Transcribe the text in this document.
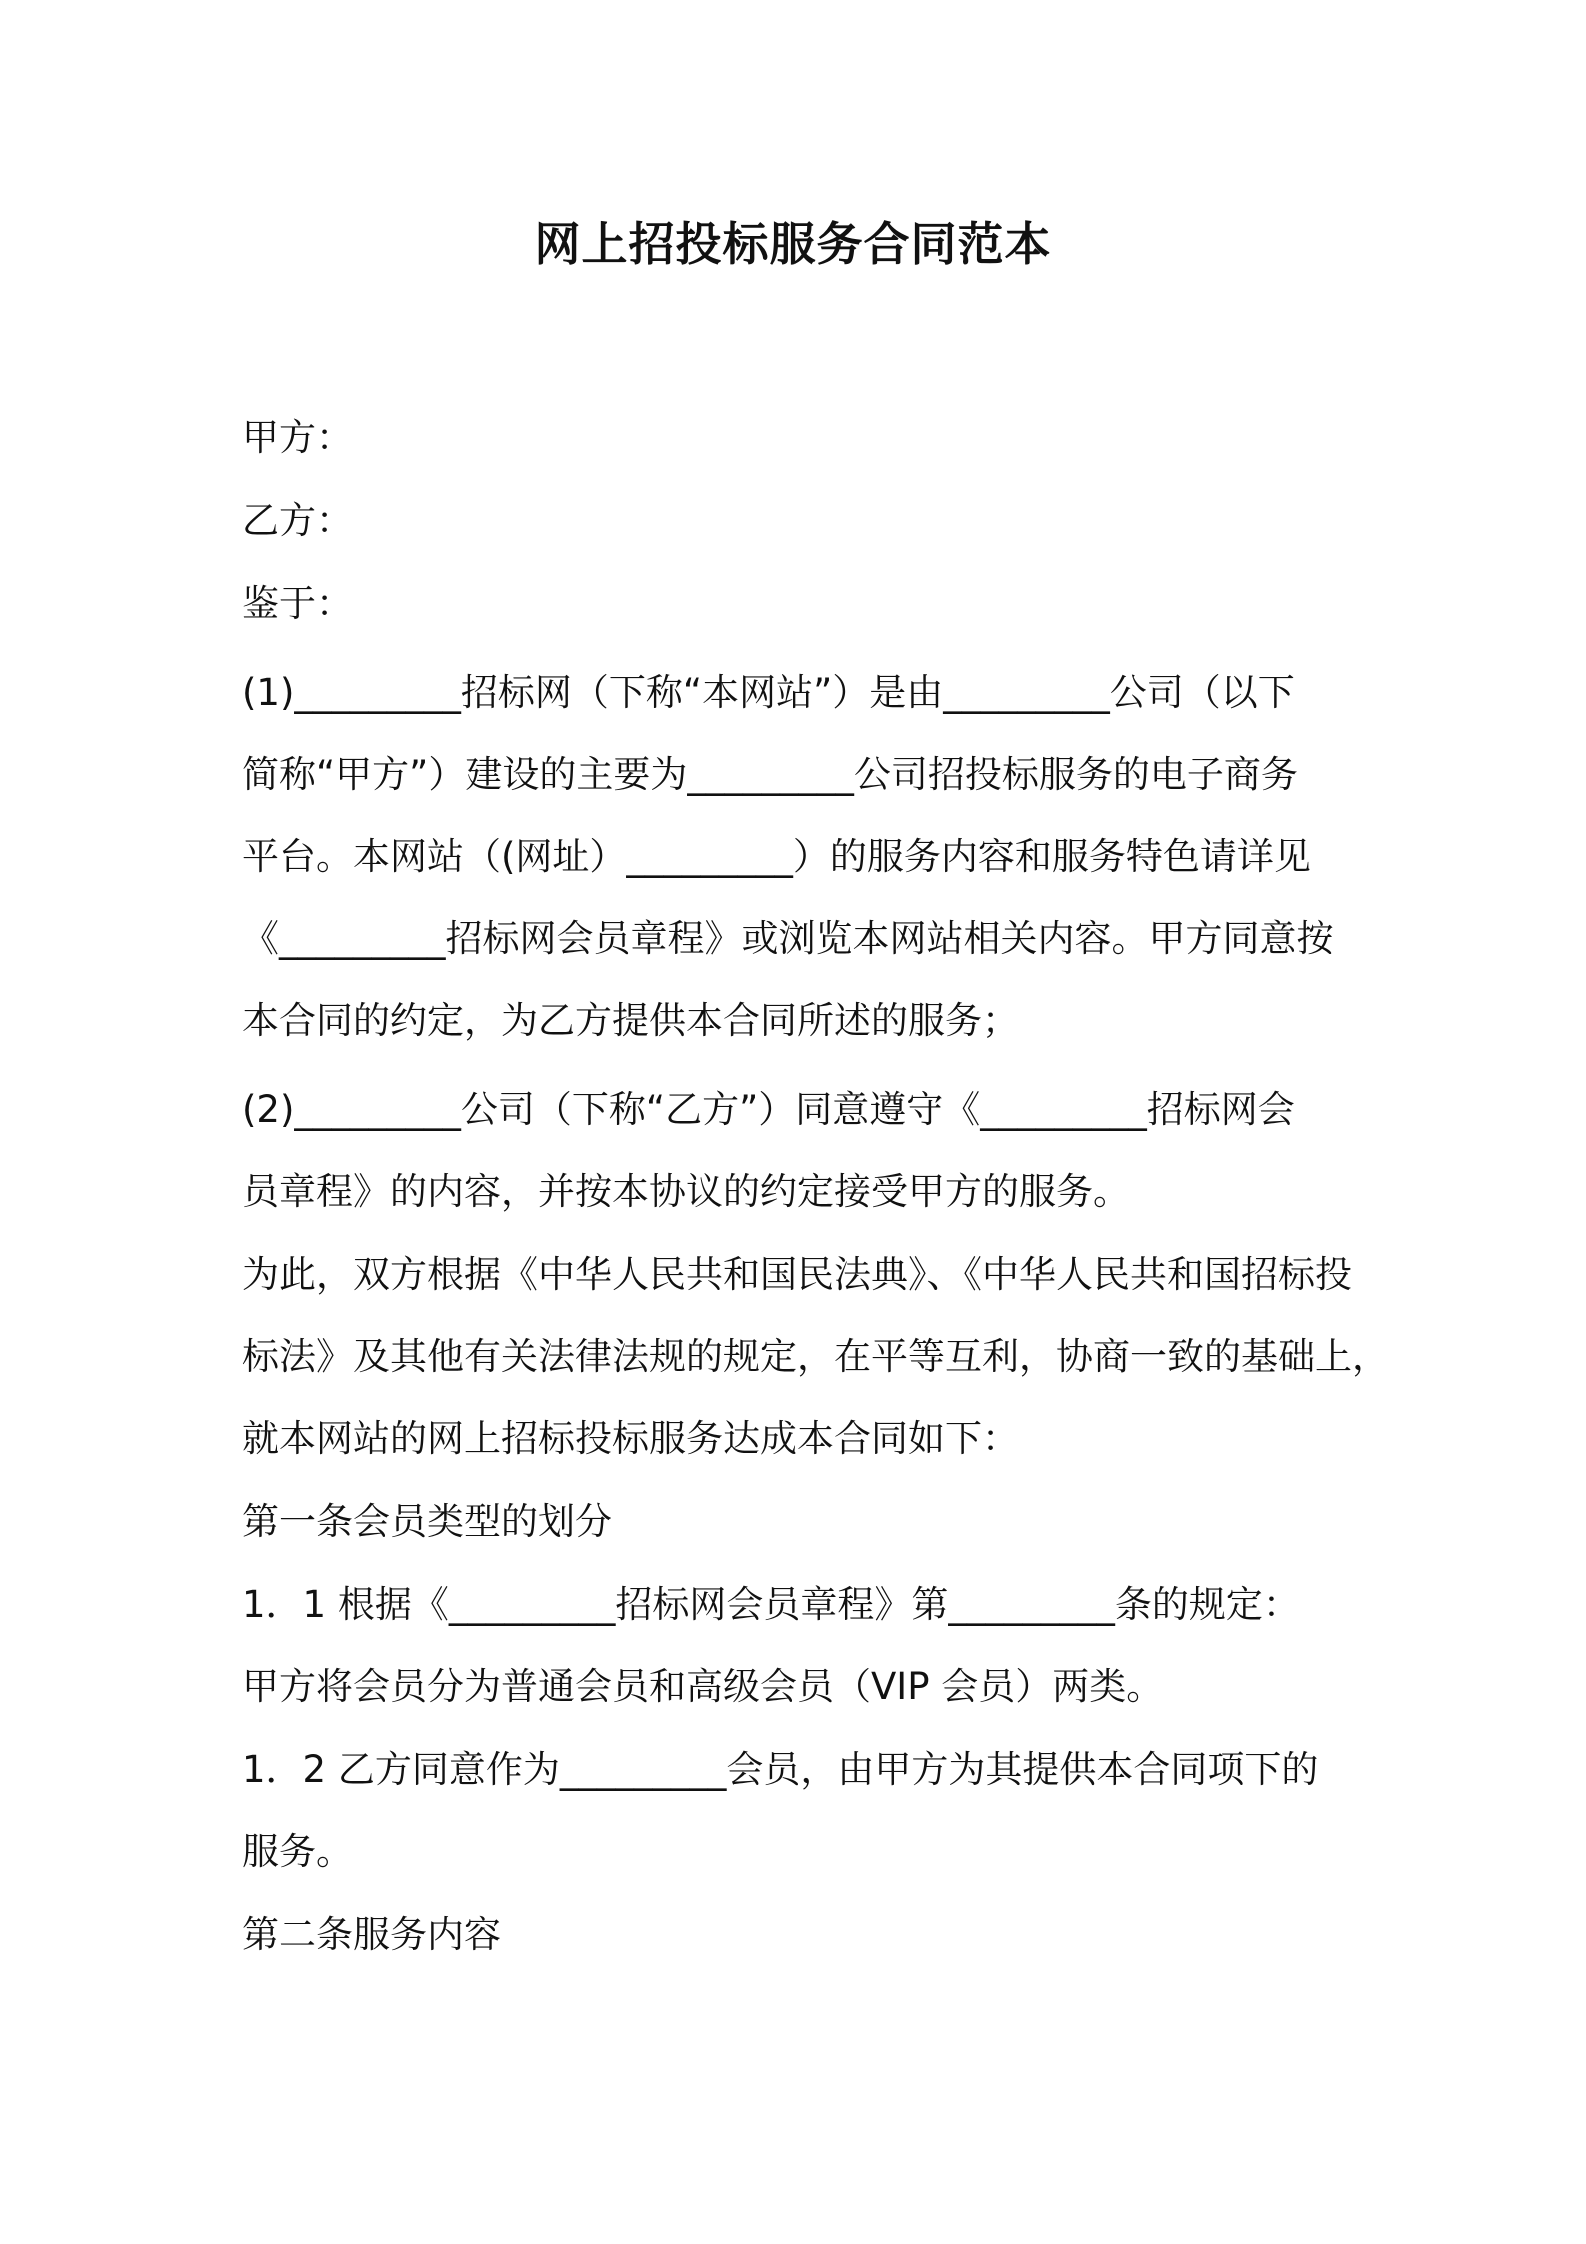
网上招投标服务合同范本
甲方：
乙方：
鉴于：
(1)_________招标网（下称“本网站”）是由_________公司（以下
简称“甲方”）建设的主要为_________公司招投标服务的电子商务
平台。本网站（(网址）_________）的服务内容和服务特色请详见
《_________招标网会员章程》或浏览本网站相关内容。甲方同意按
本合同的约定，为乙方提供本合同所述的服务；
(2)_________公司（下称“乙方”）同意遵守《_________招标网会
员章程》的内容，并按本协议的约定接受甲方的服务。
为此，双方根据《中华人民共和国民法典》、《中华人民共和国招标投
标法》及其他有关法律法规的规定，在平等互利，协商一致的基础上，
就本网站的网上招标投标服务达成本合同如下：
第一条会员类型的划分
1．1 根据《_________招标网会员章程》第_________条的规定：
甲方将会员分为普通会员和高级会员（VIP 会员）两类。
1．2 乙方同意作为_________会员，由甲方为其提供本合同项下的
服务。
第二条服务内容
